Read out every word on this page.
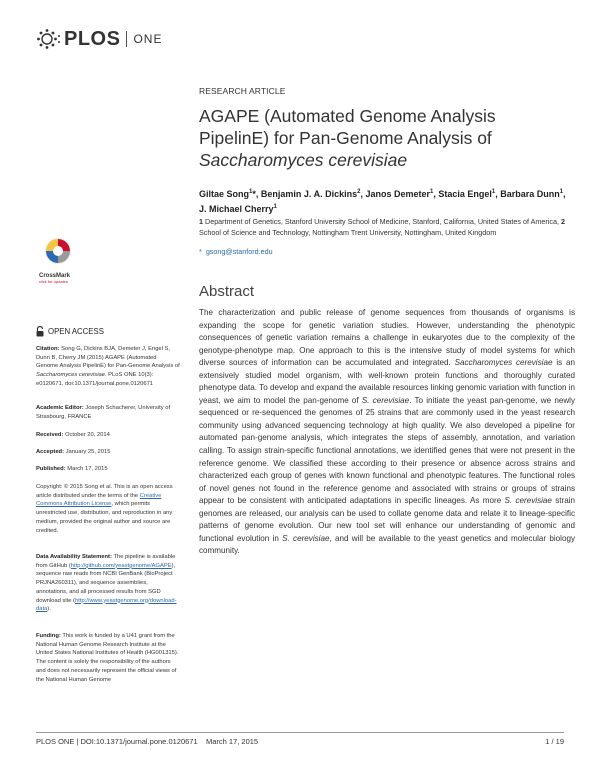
PLOS ONE
RESEARCH ARTICLE
AGAPE (Automated Genome Analysis
PipelinE) for Pan-Genome Analysis of
Saccharomyces cerevisiae
Giltae Song$^1$*, Benjamin J. A. Dickins$^2$, Janos Demeter$^1$, Stacia Engel$^1$, Barbara Dunn$^1$, J. Michael Cherry$^1$
1 Department of Genetics, Stanford University School of Medicine, Stanford, California, United States of America, 2 School of Science and Technology, Nottingham Trent University, Nottingham, United Kingdom
* gsong@stanford.edu
Abstract

The characterization and public release of genome sequences from thousands of organisms is expanding the scope for genetic variation studies. However, understanding the phenotypic consequences of genetic variation remains a challenge in eukaryotes due to the complexity of the genotype-phenotype map. One approach to this is the intensive study of model systems for which diverse sources of information can be accumulated and integrated. Saccharomyces cerevisiae is an extensively studied model organism, with well-known protein functions and thoroughly curated phenotype data. To develop and expand the available resources linking genomic variation with function in yeast, we aim to model the pan-genome of S. cerevisiae. To initiate the yeast pan-genome, we newly sequenced or re-sequenced the genomes of 25 strains that are commonly used in the yeast research community using advanced sequencing technology at high quality. We also developed a pipeline for automated pan-genome analysis, which integrates the steps of assembly, annotation, and variation calling. To assign strain-specific functional annotations, we identified genes that were not present in the reference genome. We classified these according to their presence or absence across strains and characterized each group of genes with known functional and phenotypic features. The functional roles of novel genes not found in the reference genome and associated with strains or groups of strains appear to be consistent with anticipated adaptations in specific lineages. As more S. cerevisiae strain genomes are released, our analysis can be used to collate genome data and relate it to lineage-specific patterns of genome evolution. Our new tool set will enhance our understanding of genomic and functional evolution in S. cerevisiae, and will be available to the yeast genetics and molecular biology community.

CrossMark
click for updates
OPEN ACCESS
Citation: Song G, Dickins BJA, Demeter J, Engel S, Dunn B, Cherry JM (2015) AGAPE (Automated Genome Analysis PipelinE) for Pan-Genome Analysis of Saccharomyces cerevisiae. PLoS ONE 10(3): e0120671. doi:10.1371/journal.pone.0120671
Academic Editor: Joseph Schacherer, University of Strasbourg, FRANCE
Received: October 20, 2014
Accepted: January 25, 2015
Published: March 17, 2015
Copyright: © 2015 Song et al. This is an open access article distributed under the terms of the Creative Commons Attribution License, which permits unrestricted use, distribution, and reproduction in any medium, provided the original author and source are credited.
Data Availability Statement: The pipeline is available from GitHub (http://github.com/yeastgenome/AGAPE), sequence raw reads from NCBI GenBank (BioProject PRJNA260311), and sequence assemblies, annotations, and all processed results from SGD download site (http://www.yeastgenome.org/download-data).
Funding: This work is funded by a U41 grant from the National Human Genome Research Institute at the United States National Institutes of Health (HG001315). The content is solely the responsibility of the authors and does not necessarily represent the official views of the National Human Genome
PLOS ONE | DOI:10.1371/journal.pone.0120671    March 17, 2015	1 / 19
